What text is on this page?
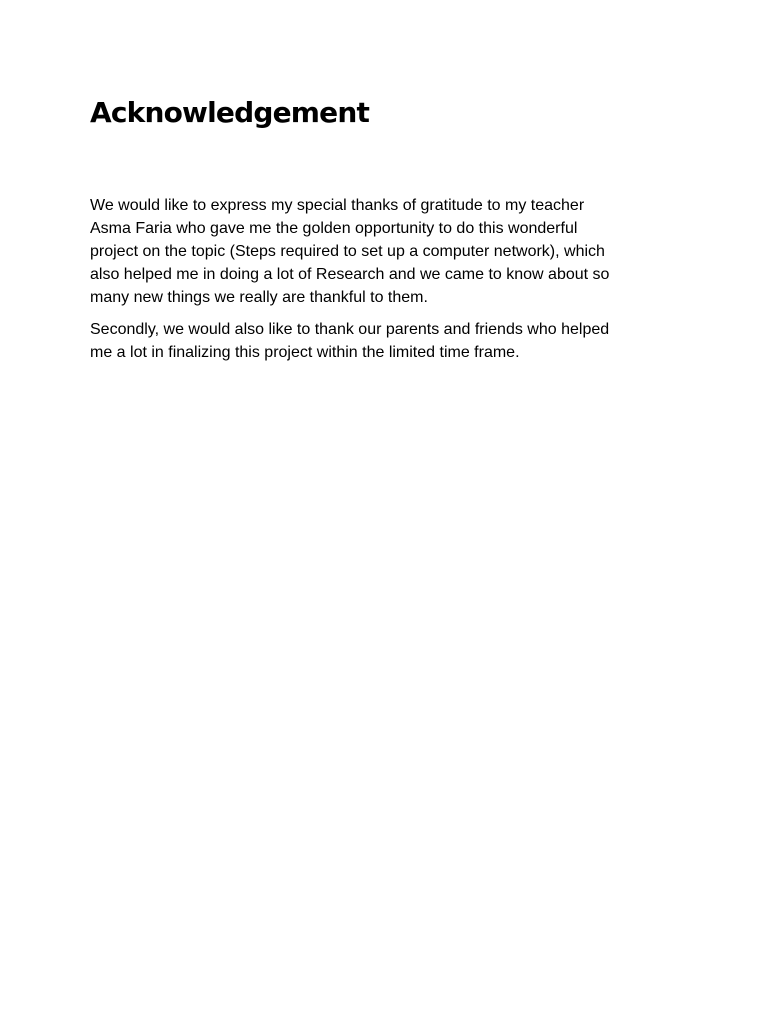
Acknowledgement

We would like to express my special thanks of gratitude to my teacher
Asma Faria who gave me the golden opportunity to do this wonderful
project on the topic (Steps required to set up a computer network), which
also helped me in doing a lot of Research and we came to know about so
many new things we really are thankful to them.

Secondly, we would also like to thank our parents and friends who helped
me a lot in finalizing this project within the limited time frame.
